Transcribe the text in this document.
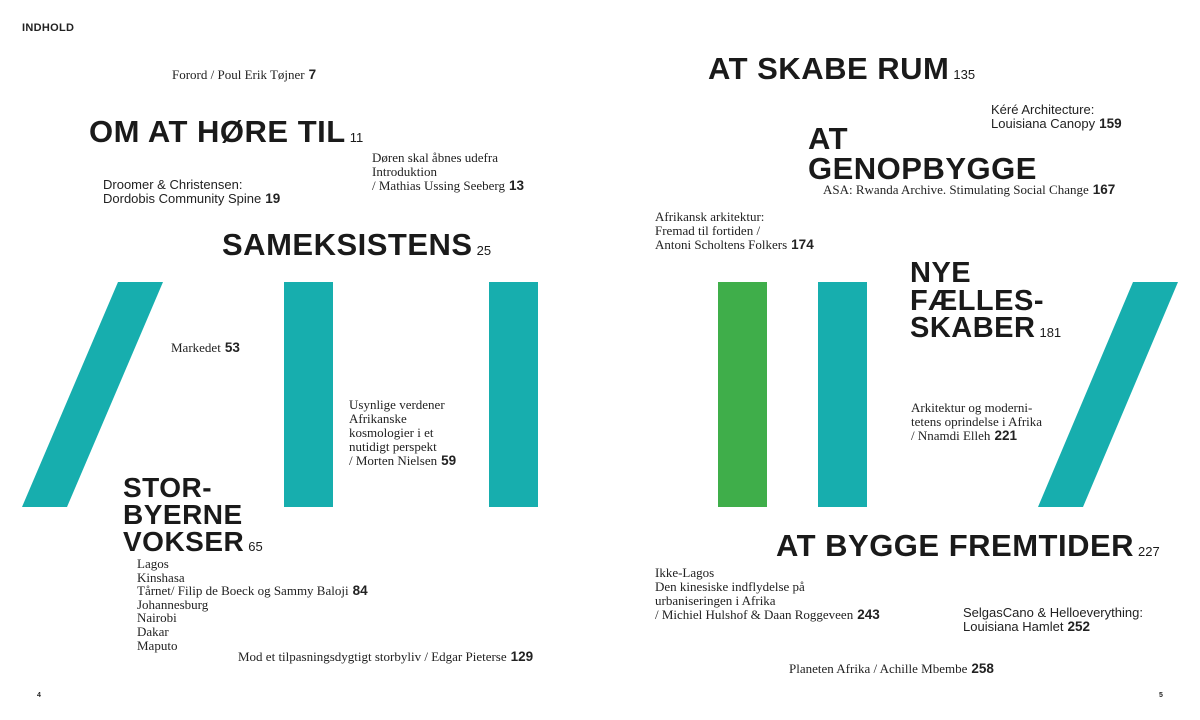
INDHOLD
Forord / Poul Erik Tøjner 7
OM AT HØRE TIL 11
Døren skal åbnes udefra
Introduktion
/ Mathias Ussing Seeberg 13
Droomer & Christensen:
Dordobis Community Spine 19
SAMEKSISTENS 25
Markedet 53
Usynlige verdener
Afrikanske
kosmologier i et
nutidigt perspekt
/ Morten Nielsen 59
STOR-
BYERNE
VOKSER 65
Lagos
Kinshasa
Tårnet/ Filip de Boeck og Sammy Baloji 84
Johannesburg
Nairobi
Dakar
Maputo
Mod et tilpasningsdygtigt storbyliv / Edgar Pieterse 129
4
AT SKABE RUM 135
Kéré Architecture:
Louisiana Canopy 159
AT
GENOPBYGGE
ASA: Rwanda Archive. Stimulating Social Change 167
Afrikansk arkitektur:
Fremad til fortiden /
Antoni Scholtens Folkers 174
NYE
FÆLLES-
SKABER 181
Arkitektur og moderni-
tetens oprindelse i Afrika
/ Nnamdi Elleh 221
AT BYGGE FREMTIDER 227
Ikke-Lagos
Den kinesiske indflydelse på
urbaniseringen i Afrika
/ Michiel Hulshof & Daan Roggeveen 243	SelgasCano & Helloeverything:
Louisiana Hamlet 252
Planeten Afrika / Achille Mbembe 258
5
